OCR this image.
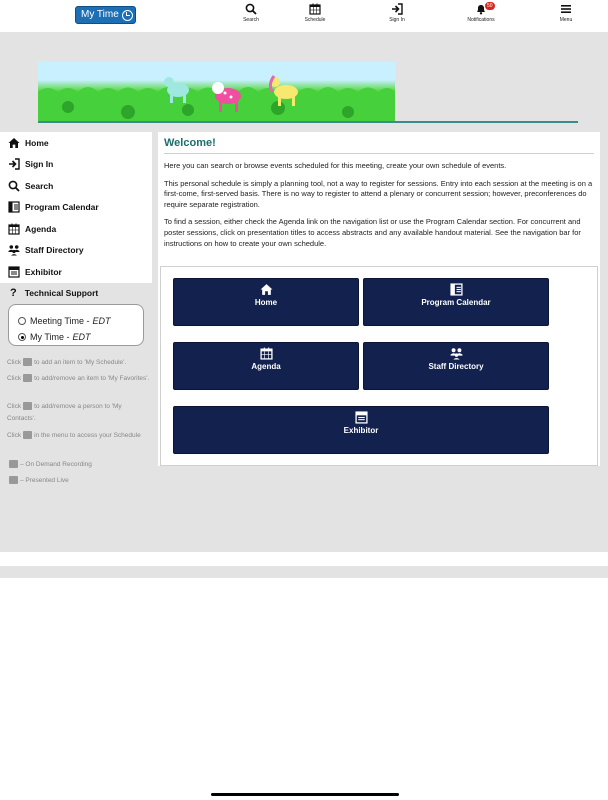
My Time	Search	Schedule	Sign In
50
Notifications	Menu
Home
Sign In
Search
Program Calendar
Agenda
Staff Directory
Exhibitor
? Technical Support
Meeting Time - EDT
My Time - EDT
Click to add an item to 'My Schedule'.
Click to add/remove an item to 'My Favorites'.
Click to add/remove a person to 'My Contacts'.
Click in the menu to access your Schedule
– On Demand Recording
– Presented Live
Welcome!

Here you can search or browse events scheduled for this meeting, create your own schedule of events.

This personal schedule is simply a planning tool, not a way to register for sessions. Entry into each session at the meeting is on a first-come, first-served basis. There is no way to register to attend a plenary or concurrent session; however, preconferences do require separate registration.

To find a session, either check the Agenda link on the navigation list or use the Program Calendar section. For concurrent and poster sessions, click on presentation titles to access abstracts and any available handout material. See the navigation bar for instructions on how to create your own schedule.

Home	Program Calendar
Agenda	Staff Directory
Exhibitor
